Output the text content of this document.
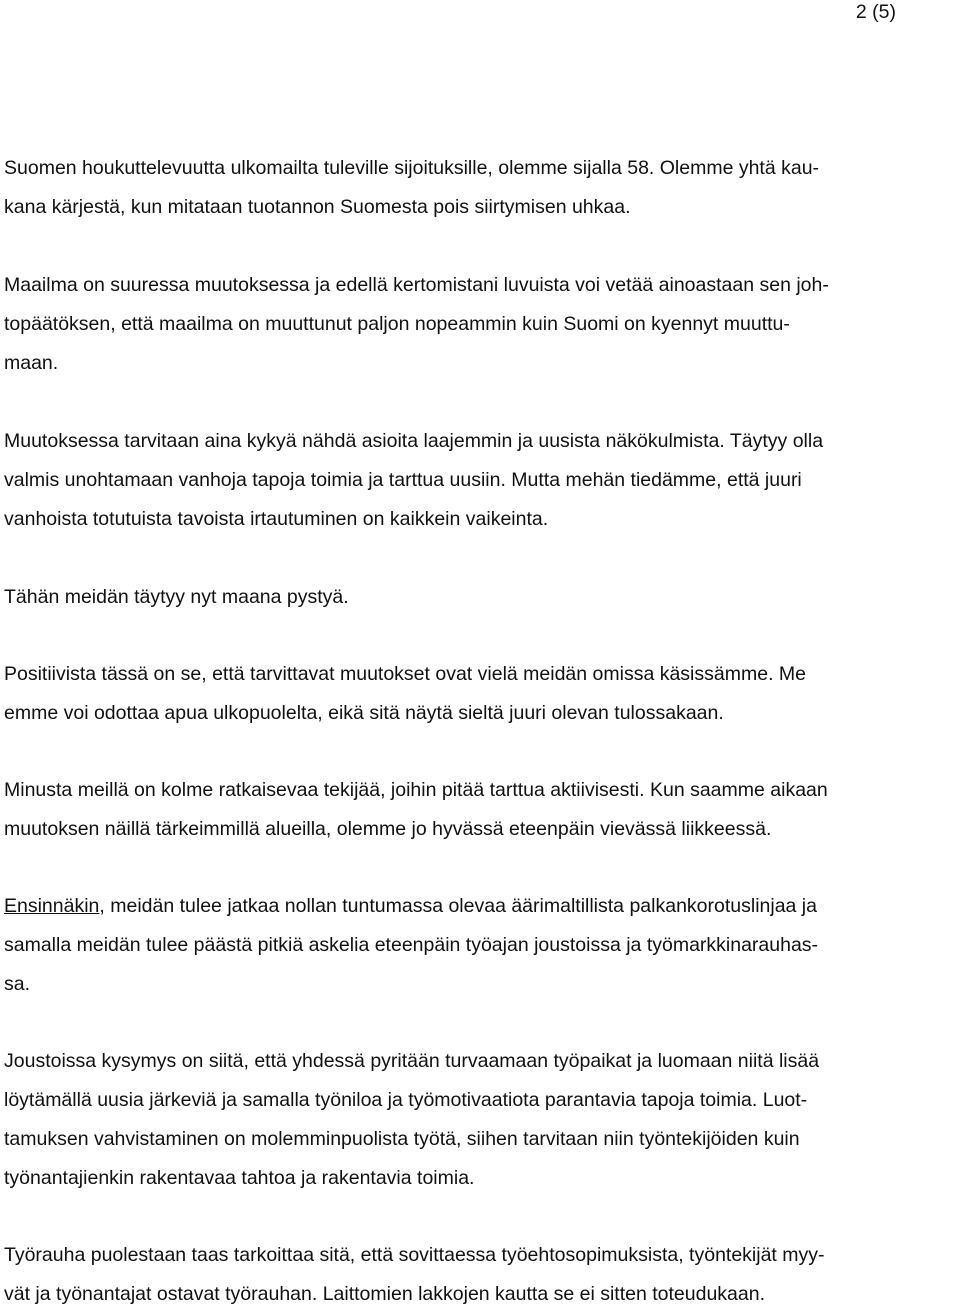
2 (5)

Suomen houkuttelevuutta ulkomailta tuleville sijoituksille, olemme sijalla 58. Olemme yhtä kau-
kana kärjestä, kun mitataan tuotannon Suomesta pois siirtymisen uhkaa.

Maailma on suuressa muutoksessa ja edellä kertomistani luvuista voi vetää ainoastaan sen joh-
topäätöksen, että maailma on muuttunut paljon nopeammin kuin Suomi on kyennyt muuttu-
maan.

Muutoksessa tarvitaan aina kykyä nähdä asioita laajemmin ja uusista näkökulmista. Täytyy olla
valmis unohtamaan vanhoja tapoja toimia ja tarttua uusiin. Mutta mehän tiedämme, että juuri
vanhoista totutuista tavoista irtautuminen on kaikkein vaikeinta.

Tähän meidän täytyy nyt maana pystyä.

Positiivista tässä on se, että tarvittavat muutokset ovat vielä meidän omissa käsissämme. Me
emme voi odottaa apua ulkopuolelta, eikä sitä näytä sieltä juuri olevan tulossakaan.

Minusta meillä on kolme ratkaisevaa tekijää, joihin pitää tarttua aktiivisesti. Kun saamme aikaan
muutoksen näillä tärkeimmillä alueilla, olemme jo hyvässä eteenpäin vievässä liikkeessä.

Ensinnäkin, meidän tulee jatkaa nollan tuntumassa olevaa äärimaltillista palkankorotuslinjaa ja
samalla meidän tulee päästä pitkiä askelia eteenpäin työajan joustoissa ja työmarkkinarauhas-
sa.

Joustoissa kysymys on siitä, että yhdessä pyritään turvaamaan työpaikat ja luomaan niitä lisää
löytämällä uusia järkeviä ja samalla työniloa ja työmotivaatiota parantavia tapoja toimia. Luot-
tamuksen vahvistaminen on molemminpuolista työtä, siihen tarvitaan niin työntekijöiden kuin
työnantajienkin rakentavaa tahtoa ja rakentavia toimia.

Työrauha puolestaan taas tarkoittaa sitä, että sovittaessa työehtosopimuksista, työntekijät myy-
vät ja työnantajat ostavat työrauhan. Laittomien lakkojen kautta se ei sitten toteudukaan.
